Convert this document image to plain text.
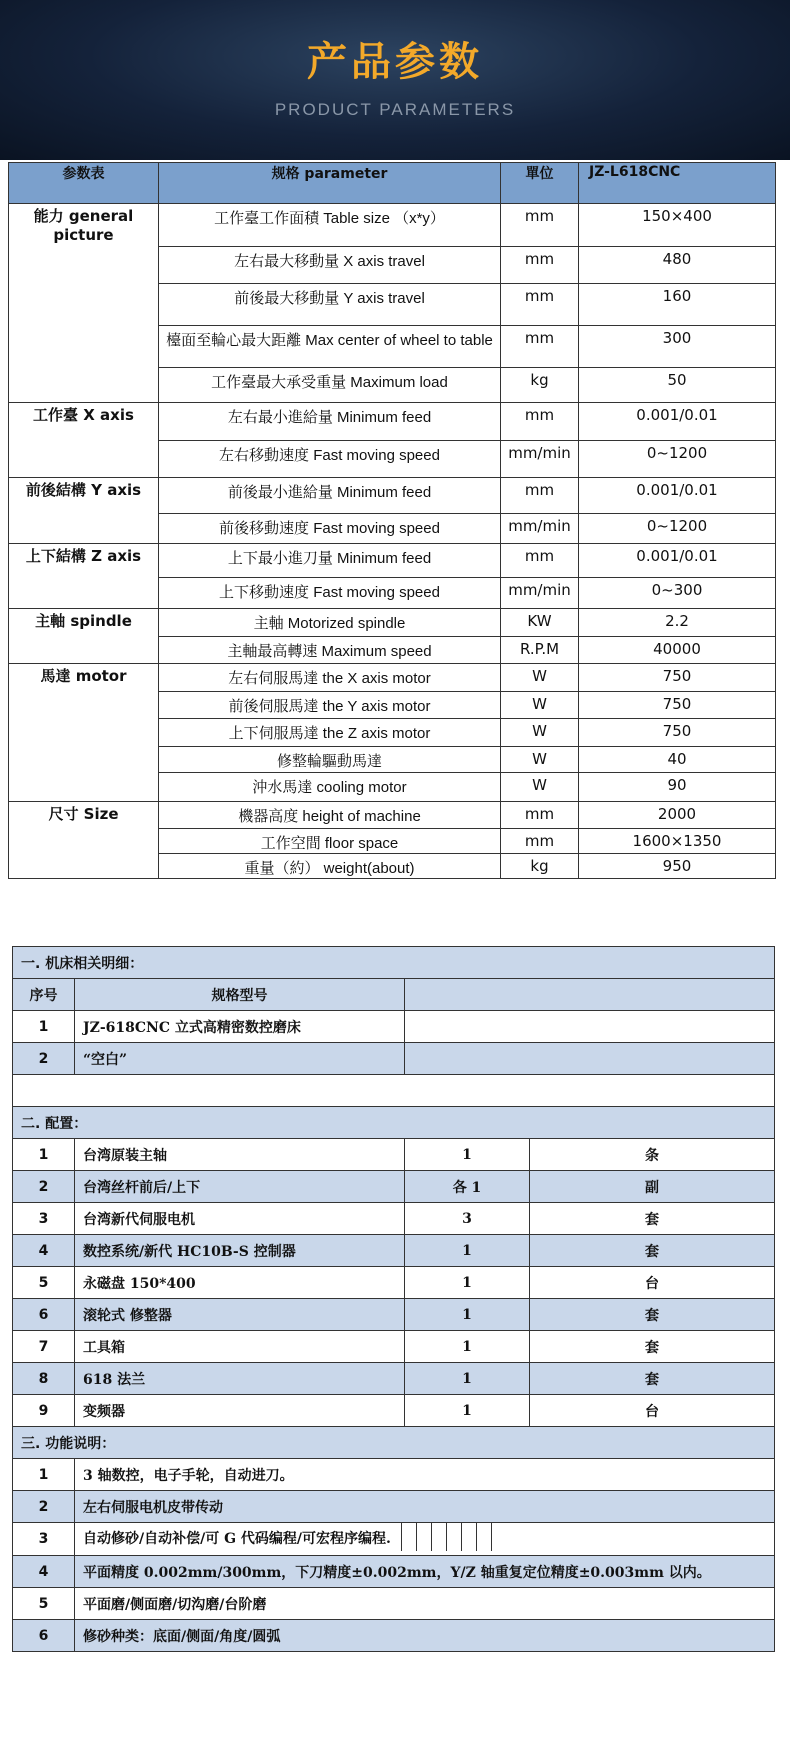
产品参数
PRODUCT PARAMETERS
参数表	规格 parameter	單位	JZ-L618CNC
能力 general picture	工作臺工作面積 Table size （x*y）	mm	150×400
	左右最大移動量 X axis travel	mm	480
	前後最大移動量 Y axis travel	mm	160
	檯面至輪心最大距離 Max center of wheel to table	mm	300
	工作臺最大承受重量 Maximum load	kg	50
工作臺 X axis	左右最小進給量 Minimum feed	mm	0.001/0.01
	左右移動速度 Fast moving speed	mm/min	0~1200
前後結構 Y axis	前後最小進給量 Minimum feed	mm	0.001/0.01
	前後移動速度 Fast moving speed	mm/min	0~1200
上下結構 Z axis	上下最小進刀量 Minimum feed	mm	0.001/0.01
	上下移動速度 Fast moving speed	mm/min	0~300
主軸 spindle	主軸 Motorized spindle	KW	2.2
	主軸最高轉速 Maximum speed	R.P.M	40000
馬達 motor	左右伺服馬達 the X axis motor	W	750
	前後伺服馬達 the Y axis motor	W	750
	上下伺服馬達 the Z axis motor	W	750
	修整輪驅動馬達	W	40
	沖水馬達 cooling motor	W	90
尺寸 Size	機器高度 height of machine	mm	2000
	工作空間 floor space	mm	1600×1350
	重量（約） weight(about)	kg	950
一. 机床相关明细：			
序号	规格型号		
1	JZ-618CNC 立式高精密数控磨床		
2	“空白”		

二. 配置：			
1	台湾原装主轴	1	条
2	台湾丝杆前后/上下	各 1	副
3	台湾新代伺服电机	3	套
4	数控系统/新代 HC10B-S 控制器	1	套
5	永磁盘 150*400	1	台
6	滚轮式 修整器	1	套
7	工具箱	1	套
8	618 法兰	1	套
9	变频器	1	台
三. 功能说明：			
1	3 轴数控，电子手轮，自动进刀。		
2	左右伺服电机皮带传动		
3	自动修砂/自动补偿/可 G 代码编程/可宏程序编程.		
4	平面精度 0.002mm/300mm，下刀精度±0.002mm，Y/Z 轴重复定位精度±0.003mm 以内。		
5	平面磨/侧面磨/切沟磨/台阶磨		
6	修砂种类：底面/侧面/角度/圆弧		
